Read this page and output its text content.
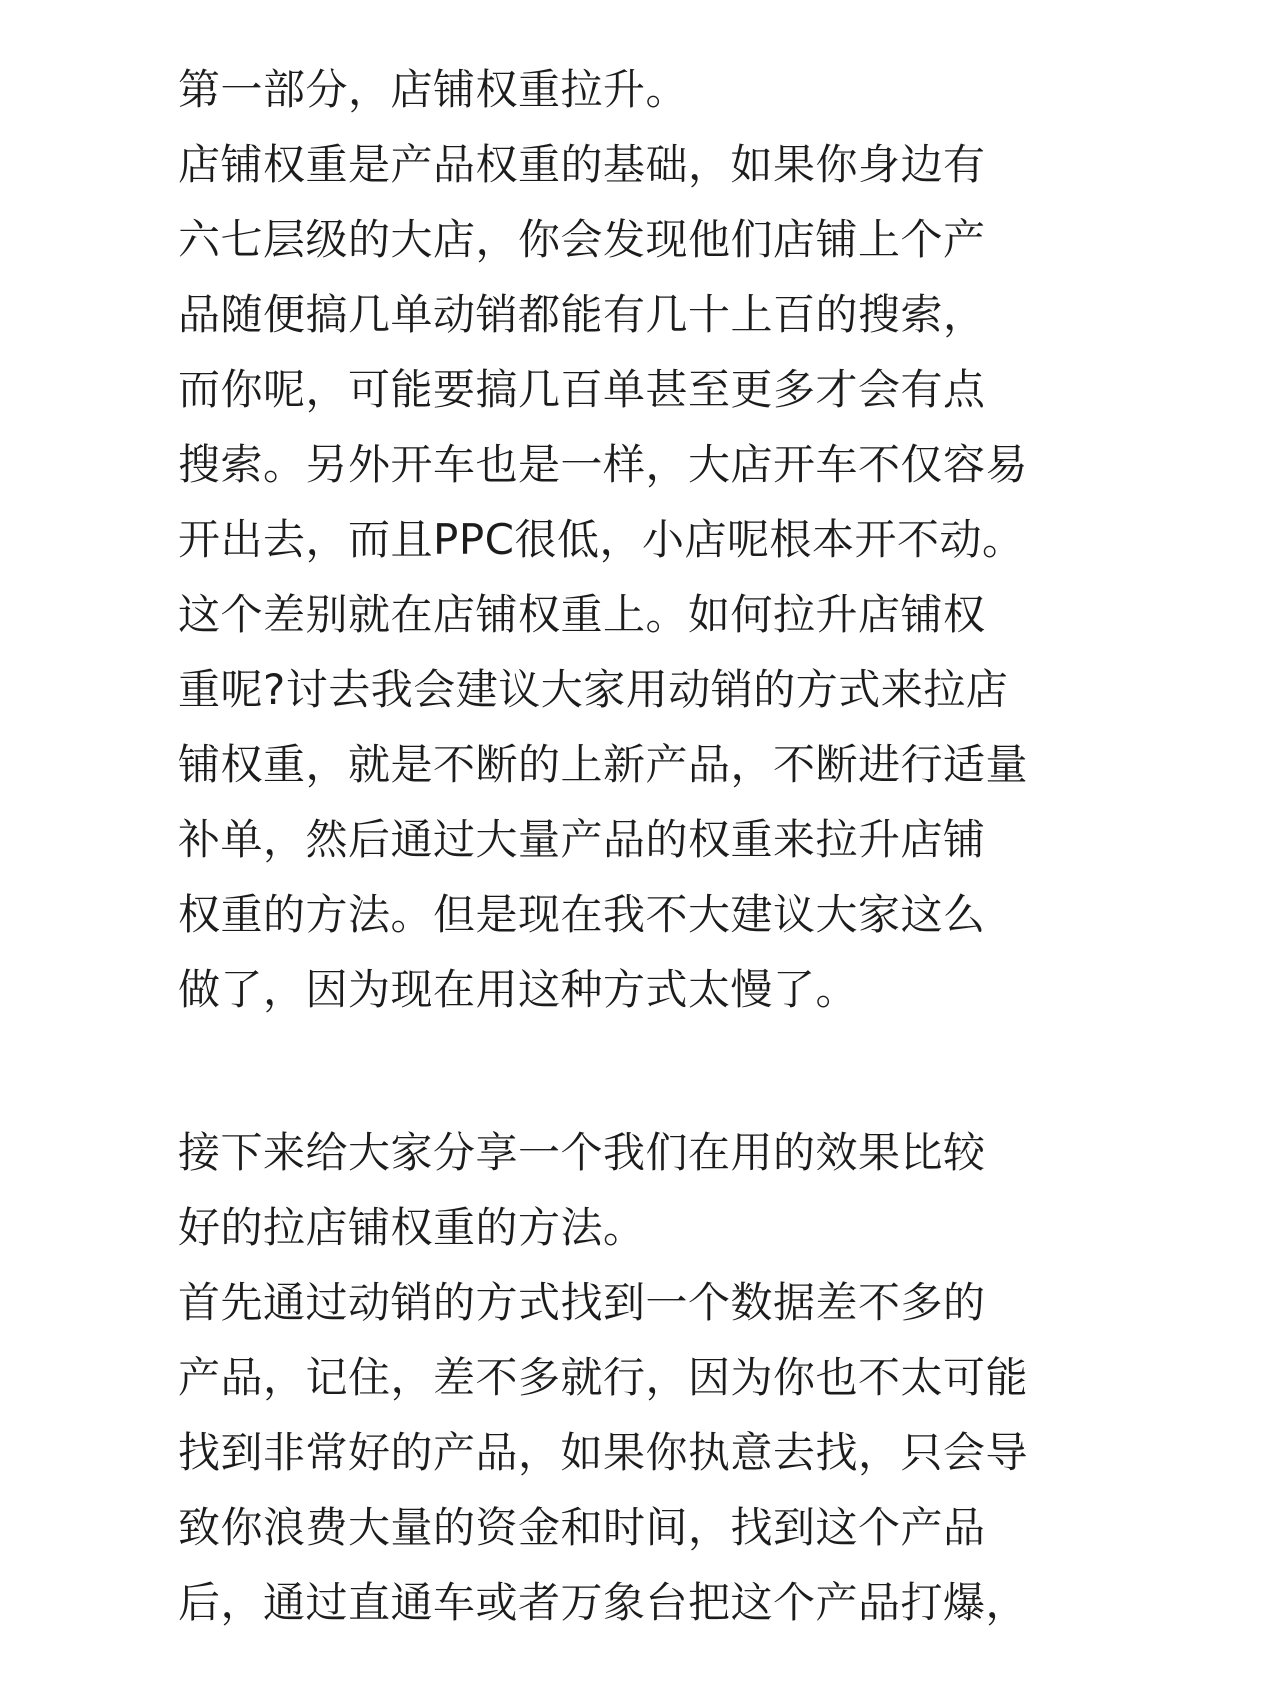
第一部分，店铺权重拉升。
店铺权重是产品权重的基础，如果你身边有
六七层级的大店，你会发现他们店铺上个产
品随便搞几单动销都能有几十上百的搜索，
而你呢，可能要搞几百单甚至更多才会有点
搜索。另外开车也是一样，大店开车不仅容易
开出去，而且PPC很低，小店呢根本开不动。
这个差别就在店铺权重上。如何拉升店铺权
重呢?讨去我会建议大家用动销的方式来拉店
铺权重，就是不断的上新产品，不断进行适量
补单，然后通过大量产品的权重来拉升店铺
权重的方法。但是现在我不大建议大家这么
做了，因为现在用这种方式太慢了。
接下来给大家分享一个我们在用的效果比较
好的拉店铺权重的方法。
首先通过动销的方式找到一个数据差不多的
产品，记住，差不多就行，因为你也不太可能
找到非常好的产品，如果你执意去找，只会导
致你浪费大量的资金和时间，找到这个产品
后，通过直通车或者万象台把这个产品打爆，
